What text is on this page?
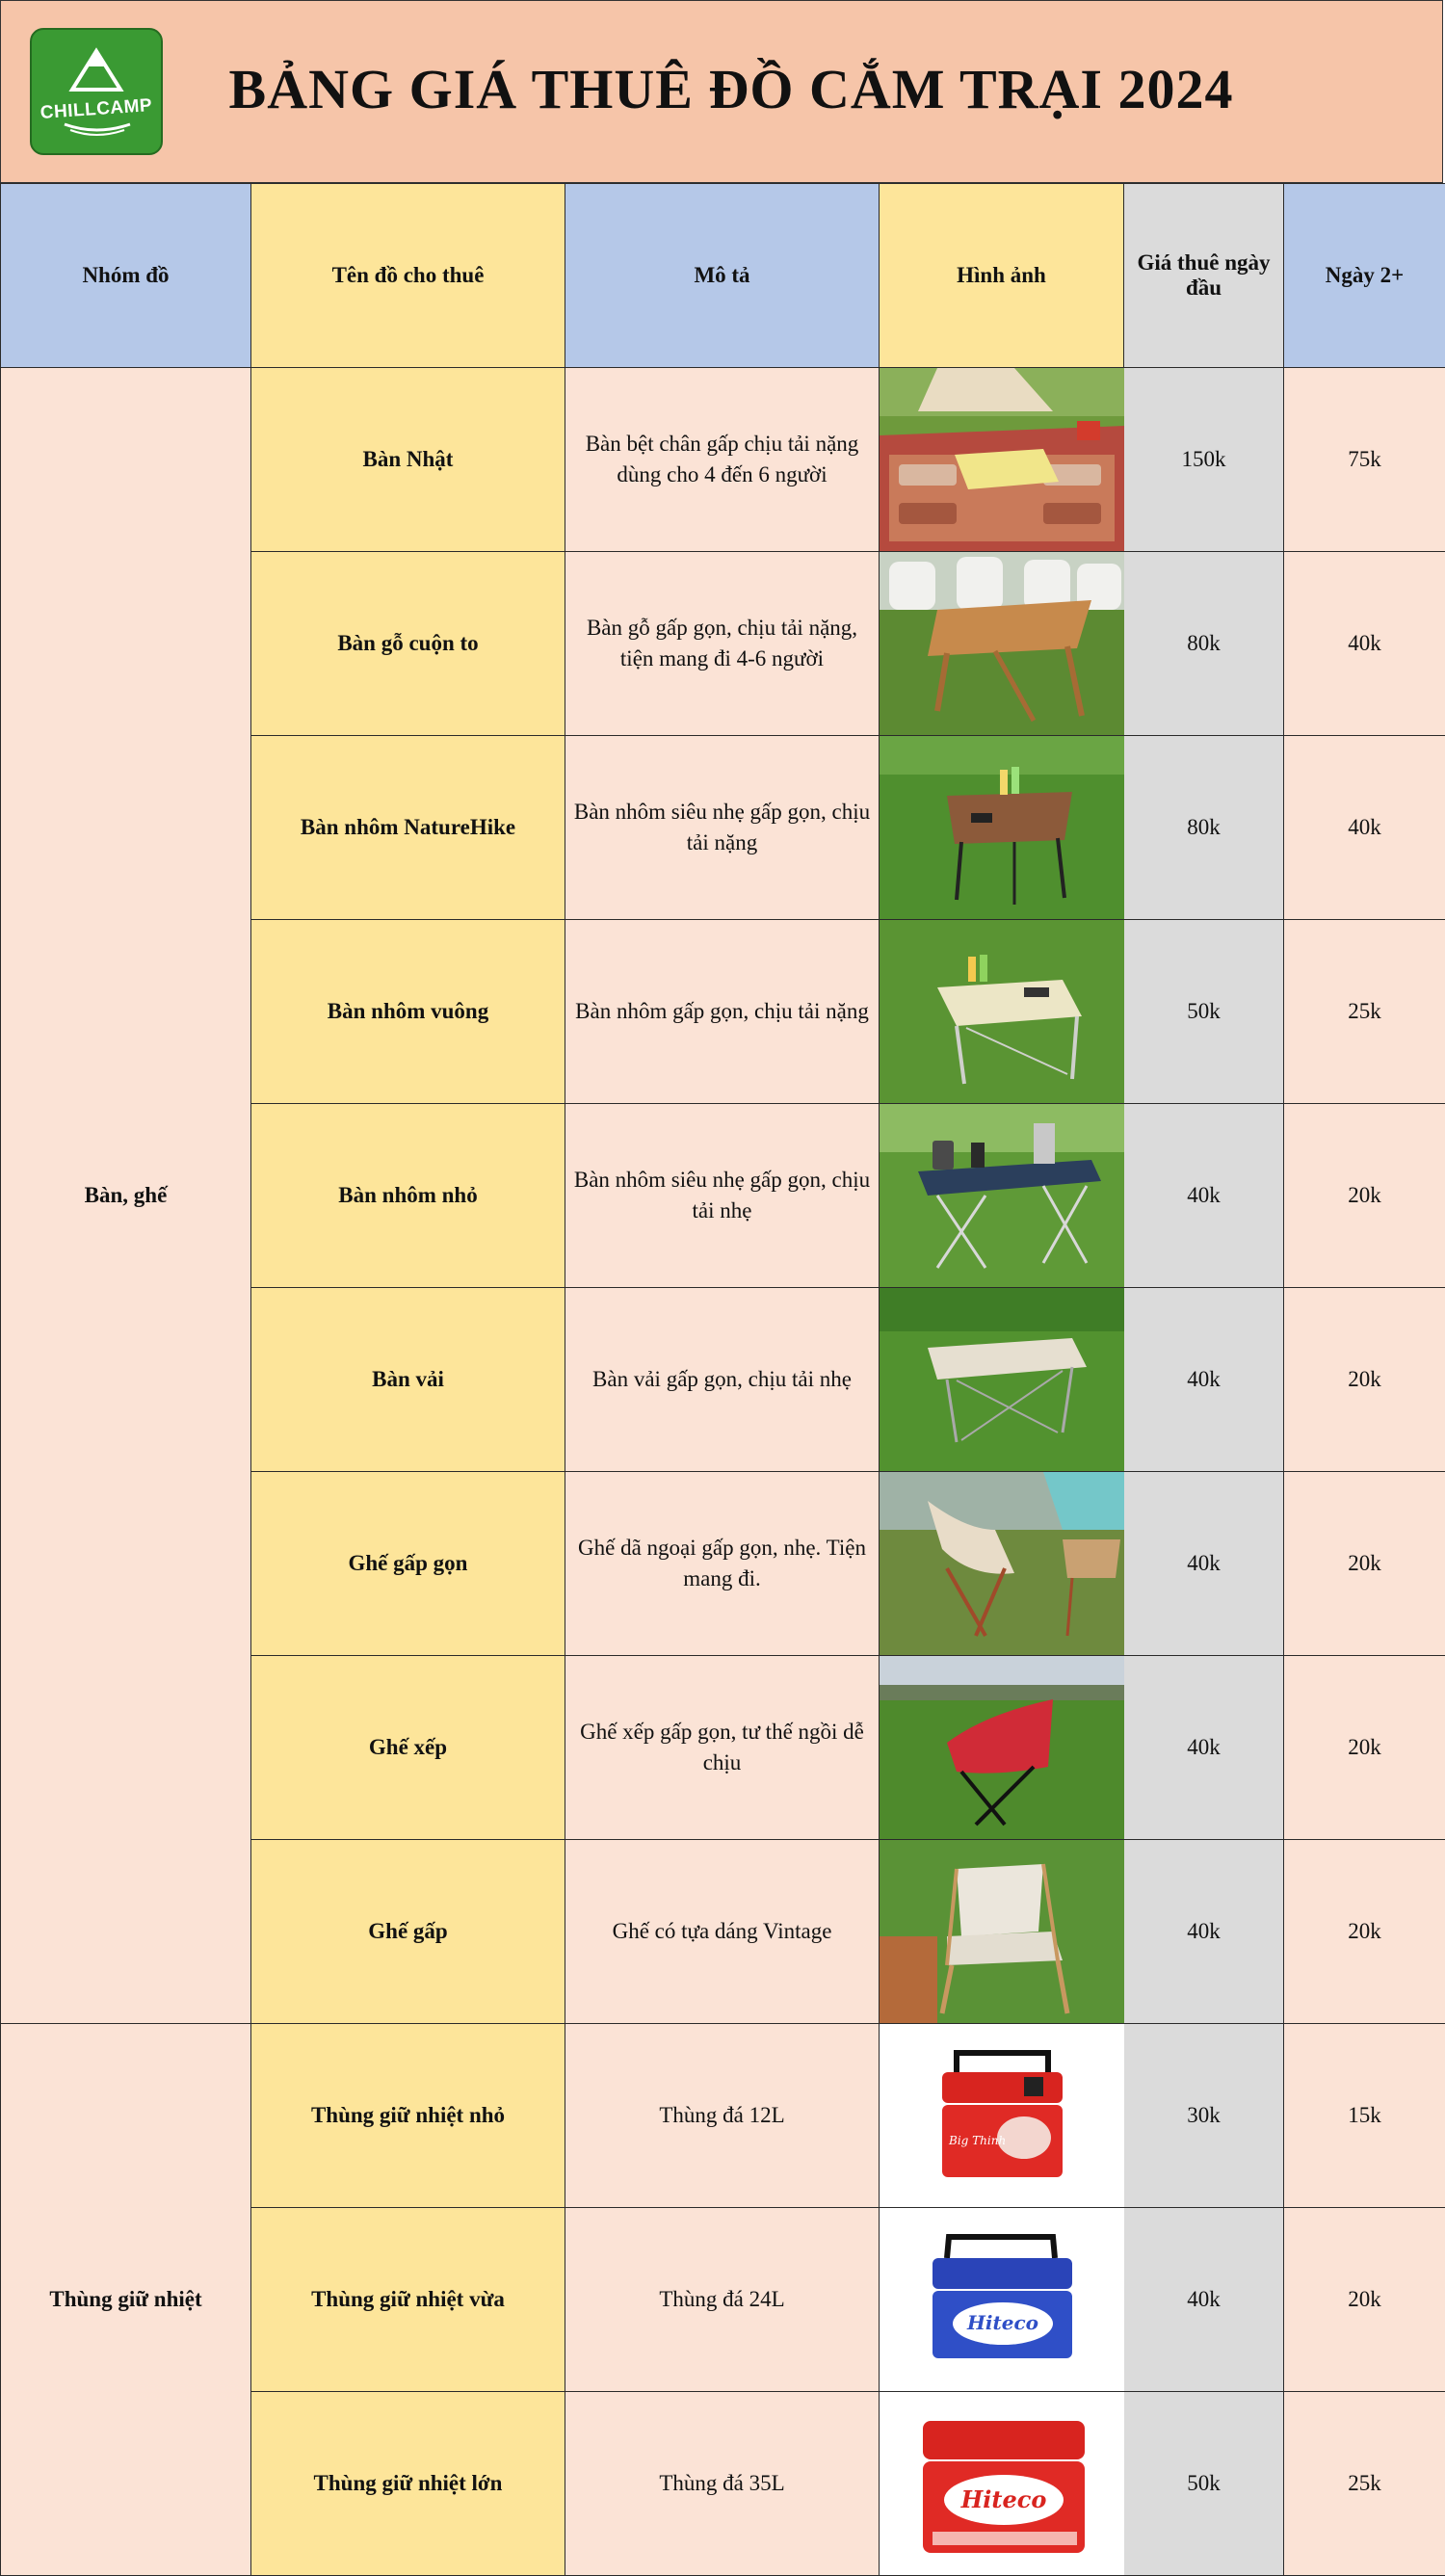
CHILLCAMP	BẢNG GIÁ THUÊ ĐỒ CẮM TRẠI 2024
Nhóm đồ	Tên đồ cho thuê	Mô tả	Hình ảnh	Giá thuê ngày đầu	Ngày 2+
Bàn, ghế	Bàn Nhật	Bàn bệt chân gấp chịu tải nặng dùng cho 4 đến 6 người		150k	75k
	Bàn gỗ cuộn to	Bàn gỗ gấp gọn, chịu tải nặng, tiện mang đi 4-6 người		80k	40k
	Bàn nhôm NatureHike	Bàn nhôm siêu nhẹ gấp gọn, chịu tải nặng		80k	40k
	Bàn nhôm vuông	Bàn nhôm gấp gọn, chịu tải nặng		50k	25k
	Bàn nhôm nhỏ	Bàn nhôm siêu nhẹ gấp gọn, chịu tải nhẹ		40k	20k
	Bàn vải	Bàn vải gấp gọn, chịu tải nhẹ		40k	20k
	Ghế gấp gọn	Ghế dã ngoại gấp gọn, nhẹ. Tiện mang đi.		40k	20k
	Ghế xếp	Ghế xếp gấp gọn, tư thế ngồi dễ chịu		40k	20k
	Ghế gấp	Ghế có tựa dáng Vintage		40k	20k
Thùng giữ nhiệt	Thùng giữ nhiệt nhỏ	Thùng đá 12L	Big Thinh	30k	15k
	Thùng giữ nhiệt vừa	Thùng đá 24L	Hiteco	40k	20k
	Thùng giữ nhiệt lớn	Thùng đá 35L	Hiteco	50k	25k
